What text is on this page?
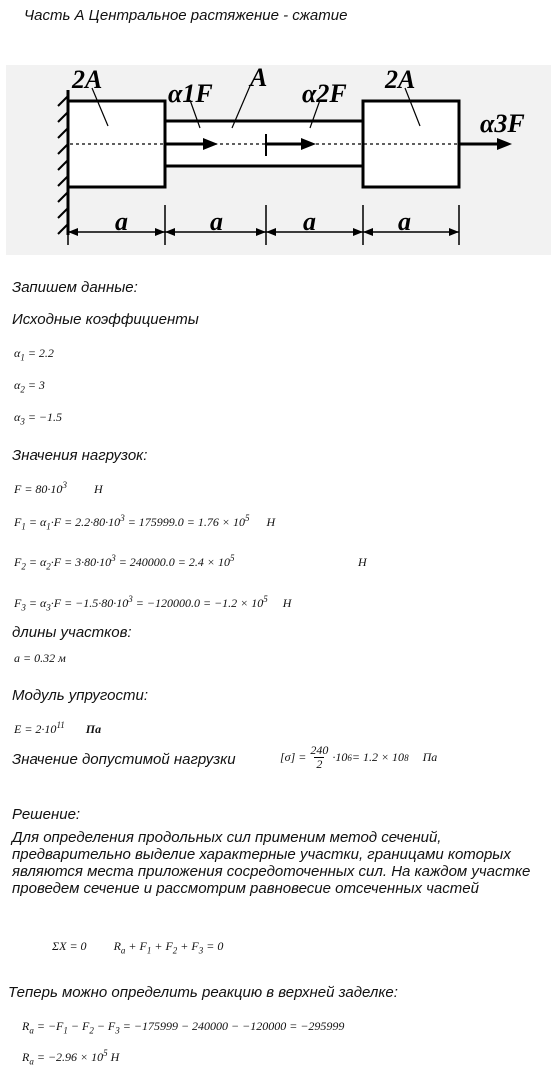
Часть А Центральное растяжение - сжатие
2A	α1F
A
α2F 2A
α3F
a	a	a	a
Запишем данные:
Исходные коэффициенты
$\alpha_1 = 2.2$
$\alpha_2 = 3$
$\alpha_3 = -1.5$
Значения нагрузок:
$F = 80\cdot 10^3$ H
$F_1 = \alpha_1\cdot F = 2.2\cdot 80\cdot 10^3 = 175999.0 = 1.76 \times 10^5$ H
$F_2 = \alpha_2\cdot F = 3\cdot 80\cdot 10^3 = 240000.0 = 2.4 \times 10^5$	H
$F_3 = \alpha_3\cdot F = -1.5\cdot 80\cdot 10^3 = -120000.0 = -1.2 \times 10^5$ H
длины участков:
a = 0.32 м
Модуль упругости:
$E = 2\cdot 10^{11}$ Па
Значение допустимой нагрузки	$[\sigma] = \frac{240}{2} \cdot 10$ 6 = 1.2 × 10 8 Па
Решение:
Для определения продольных сил применим метод сечений, предварительно выделие характерные участки, границами которых являются места приложения сосредоточенных сил. На каждом участке проведем сечение и рассмотрим равновесие отсеченных частей
ΣX = 0 $R_a + F_1 + F_2 + F_3 = 0$
Теперь можно определить реакцию в верхней заделке:
$R_a = -F_1 - F_2 - F_3 = -175999 - 240000 - -120000 = -295999$
$R_a = -2.96 \times 10^5$ H
